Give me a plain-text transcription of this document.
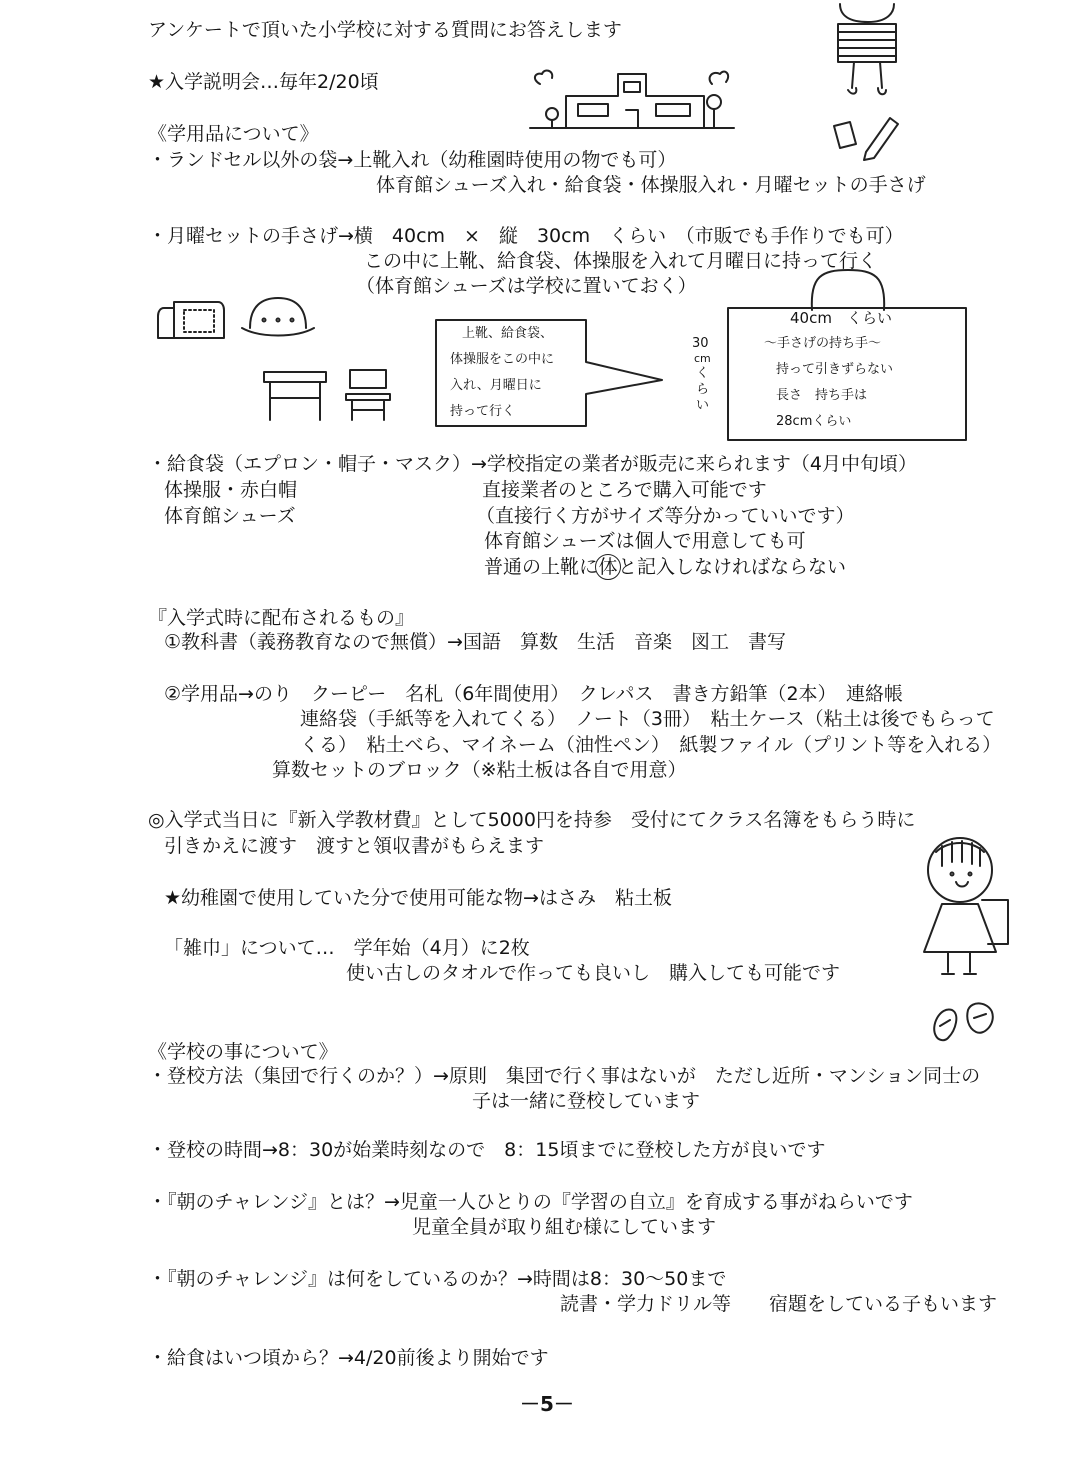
アンケートで頂いた小学校に対する質問にお答えします
★入学説明会…毎年2/20頃
《学用品について》
・ランドセル以外の袋→上靴入れ（幼稚園時使用の物でも可）
体育館シューズ入れ・給食袋・体操服入れ・月曜セットの手さげ
・月曜セットの手さげ→横　40cm　×　縦　30cm　くらい　（市販でも手作りでも可）
この中に上靴、給食袋、体操服を入れて月曜日に持って行く
（体育館シューズは学校に置いておく）
上靴、給食袋、
体操服をこの中に
入れ、月曜日に
持って行く
40cm　くらい
30
cm
く
ら
い
～手さげの持ち手～
持って引きずらない
長さ　持ち手は
28cmくらい
・給食袋（エプロン・帽子・マスク）→学校指定の業者が販売に来られます（4月中旬頃）
体操服・赤白帽
体育館シューズ
直接業者のところで購入可能です
（直接行く方がサイズ等分かっていいです）
体育館シューズは個人で用意しても可
普通の上靴に体と記入しなければならない
『入学式時に配布されるもの』
①教科書（義務教育なので無償）→国語　算数　生活　音楽　図工　書写
②学用品→のり　クーピー　名札（6年間使用）　クレパス　書き方鉛筆（2本）　連絡帳
連絡袋（手紙等を入れてくる）　ノート（3冊）　粘土ケース（粘土は後でもらって
くる）　粘土べら、マイネーム（油性ペン）　紙製ファイル（プリント等を入れる）
算数セットのブロック（※粘土板は各自で用意）
◎入学式当日に『新入学教材費』として5000円を持参　受付にてクラス名簿をもらう時に
引きかえに渡す　渡すと領収書がもらえます
★幼稚園で使用していた分で使用可能な物→はさみ　粘土板
「雑巾」について…　学年始（4月）に2枚
使い古しのタオルで作っても良いし　購入しても可能です
《学校の事について》
・登校方法（集団で行くのか？）→原則　集団で行く事はないが　ただし近所・マンション同士の
子は一緒に登校しています
・登校の時間→8：30が始業時刻なので　8：15頃までに登校した方が良いです
・『朝のチャレンジ』とは？→児童一人ひとりの『学習の自立』を育成する事がねらいです
児童全員が取り組む様にしています
・『朝のチャレンジ』は何をしているのか？→時間は8：30～50まで
読書・学力ドリル等　　宿題をしている子もいます
・給食はいつ頃から？→4/20前後より開始です
－5－
